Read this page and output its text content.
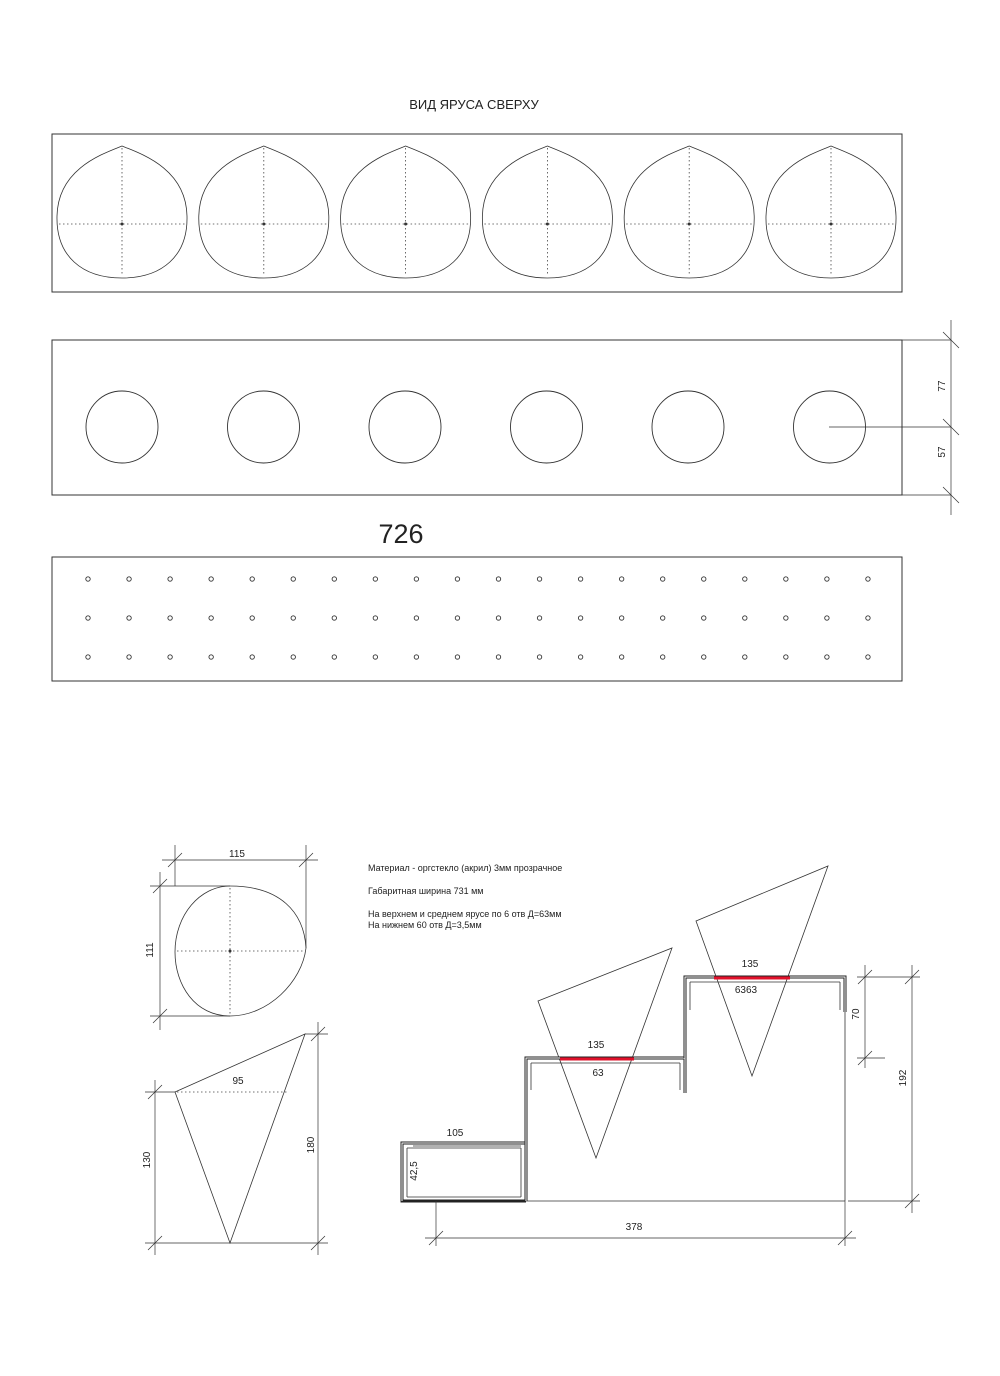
ВИД ЯРУСА СВЕРХУ
77
57
726
115
111
95
130
180
Материал - оргстекло (акрил) 3мм прозрачное
Габаритная ширина 731 мм
На верхнем и среднем ярусе по 6 отв Д=63мм
На нижнем 60 отв Д=3,5мм
105
42,5
135
63
135
6363
70
192
378
